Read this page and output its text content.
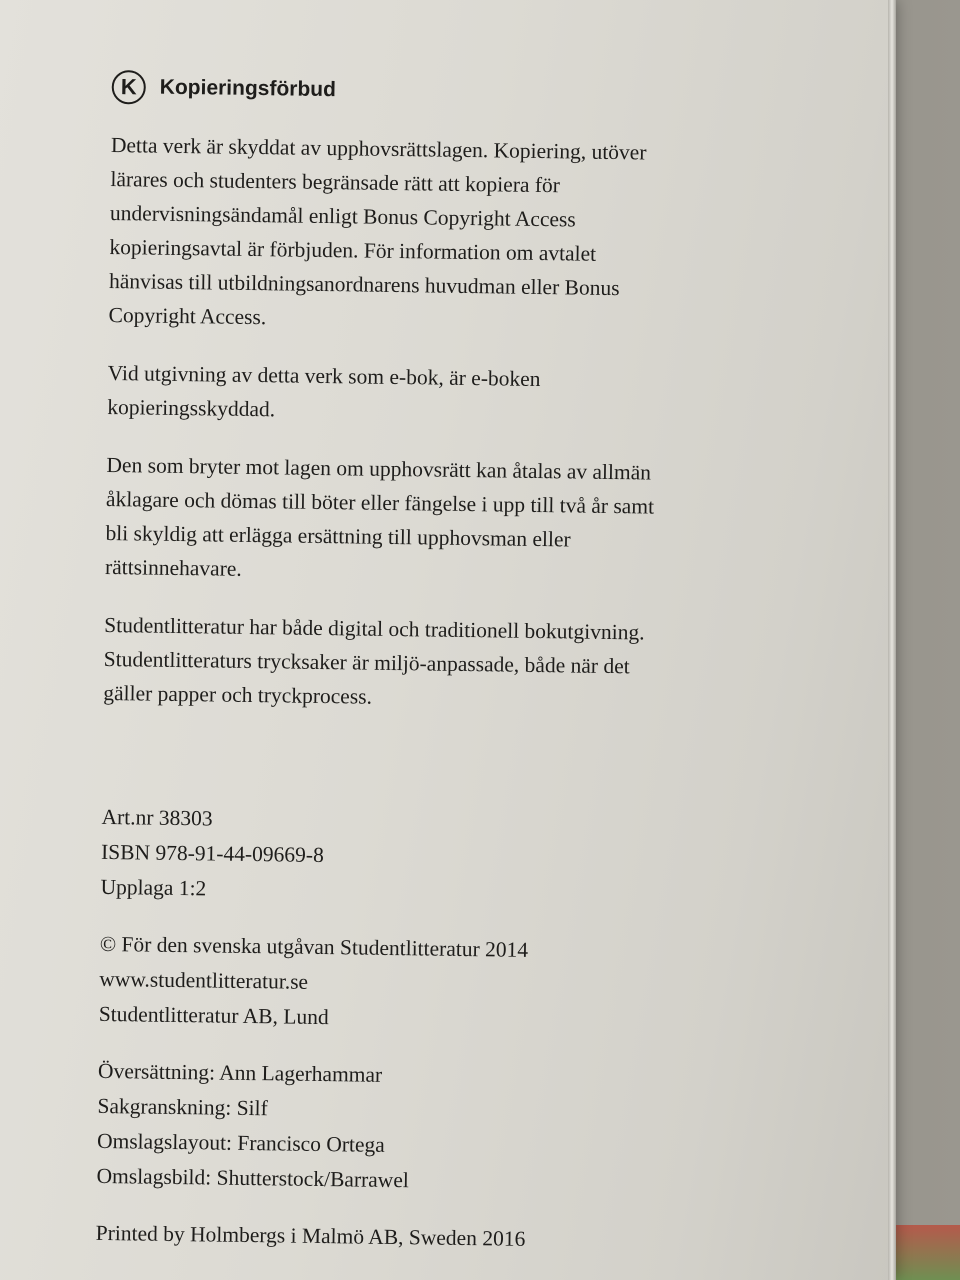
K	Kopieringsförbud

Detta verk är skyddat av upphovsrättslagen. Kopiering, utöver lärares och studenters begränsade rätt att kopiera för undervisningsändamål enligt Bonus Copyright Access kopieringsavtal är förbjuden. För information om avtalet hänvisas till utbildningsanordnarens huvudman eller Bonus Copyright Access.

Vid utgivning av detta verk som e-bok, är e-boken kopieringsskyddad.

Den som bryter mot lagen om upphovsrätt kan åtalas av allmän åklagare och dömas till böter eller fängelse i upp till två år samt bli skyldig att erlägga ersättning till upphovsman eller rättsinnehavare.

Studentlitteratur har både digital och traditionell bokutgivning. Studentlitteraturs trycksaker är miljö-anpassade, både när det gäller papper och tryckprocess.

Art.nr 38303
ISBN 978-91-44-09669-8
Upplaga 1:2
© För den svenska utgåvan Studentlitteratur 2014
www.studentlitteratur.se
Studentlitteratur AB, Lund
Översättning: Ann Lagerhammar
Sakgranskning: Silf
Omslagslayout: Francisco Ortega
Omslagsbild: Shutterstock/Barrawel
Printed by Holmbergs i Malmö AB, Sweden 2016
